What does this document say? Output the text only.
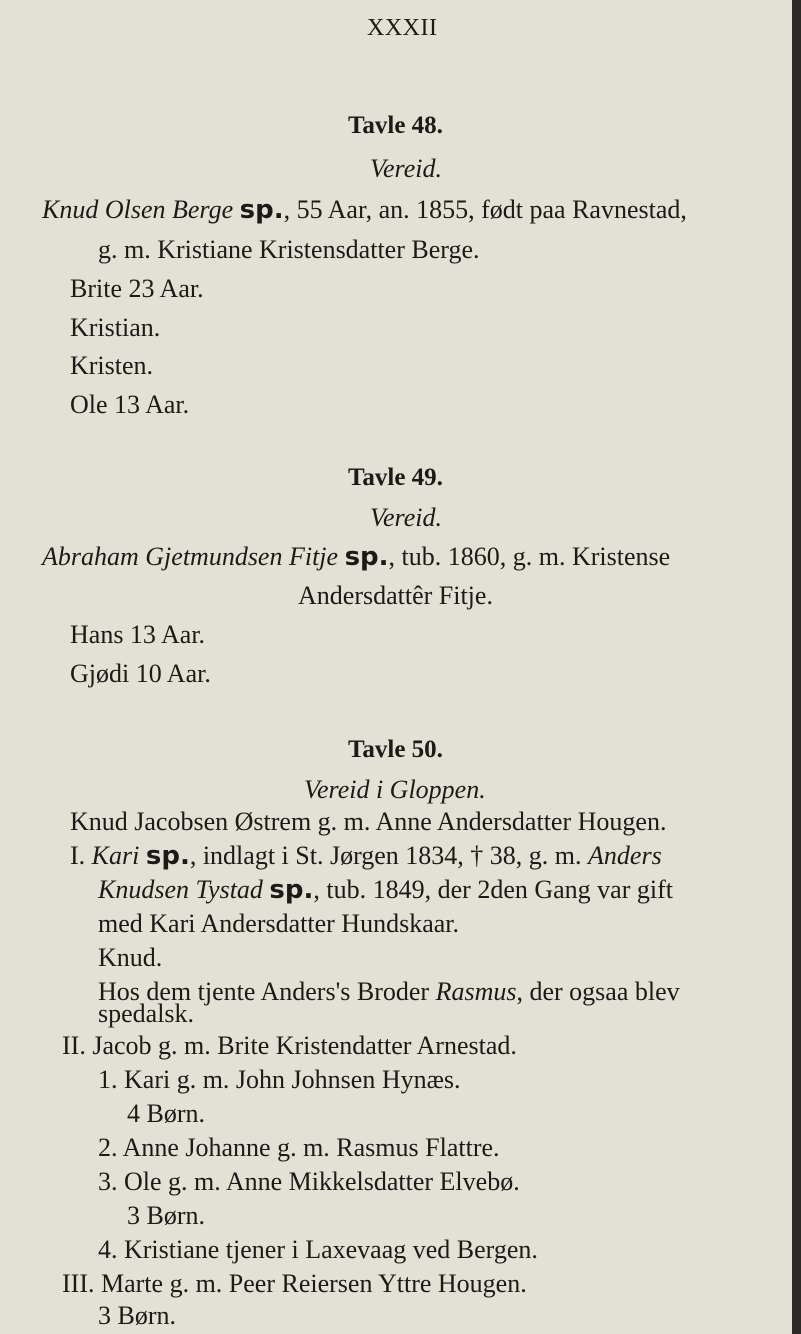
XXXII
Tavle 48.
Vereid.
Knud Olsen Berge sp., 55 Aar, an. 1855, født paa Ravnestad,
g. m. Kristiane Kristensdatter Berge.
Brite 23 Aar.
Kristian.
Kristen.
Ole 13 Aar.
Tavle 49.
Vereid.
Abraham Gjetmundsen Fitje sp., tub. 1860, g. m. Kristense
Andersdattêr Fitje.
Hans 13 Aar.
Gjødi 10 Aar.
Tavle 50.
Vereid i Gloppen.
Knud Jacobsen Østrem g. m. Anne Andersdatter Hougen.
I. Kari sp., indlagt i St. Jørgen 1834, † 38, g. m. Anders
Knudsen Tystad sp., tub. 1849, der 2den Gang var gift
med Kari Andersdatter Hundskaar.
Knud.
Hos dem tjente Anders's Broder Rasmus, der ogsaa blev
spedalsk.
II. Jacob g. m. Brite Kristendatter Arnestad.
1. Kari g. m. John Johnsen Hynæs.
4 Børn.
2. Anne Johanne g. m. Rasmus Flattre.
3. Ole g. m. Anne Mikkelsdatter Elvebø.
3 Børn.
4. Kristiane tjener i Laxevaag ved Bergen.
III. Marte g. m. Peer Reiersen Yttre Hougen.
3 Børn.
